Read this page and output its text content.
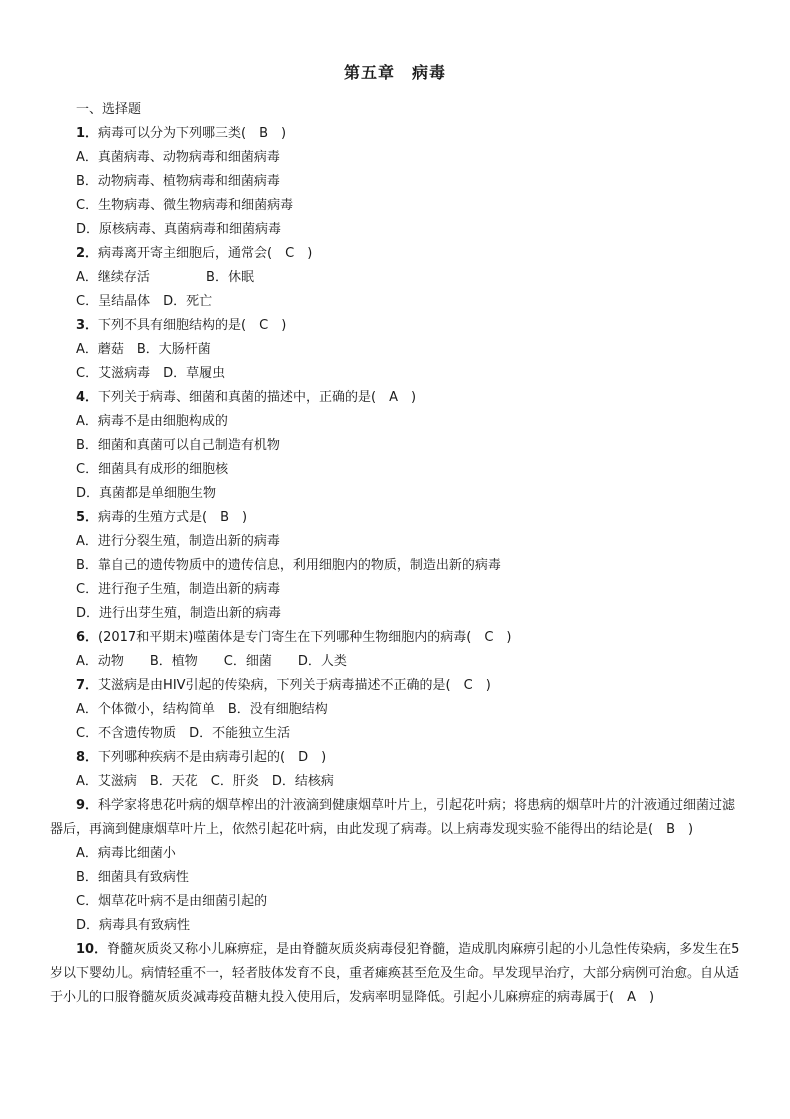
第五章　病毒
一、选择题
1．病毒可以分为下列哪三类(　B　)
A．真菌病毒、动物病毒和细菌病毒
B．动物病毒、植物病毒和细菌病毒
C．生物病毒、微生物病毒和细菌病毒
D．原核病毒、真菌病毒和细菌病毒
2．病毒离开寄主细胞后，通常会(　C　)
A．继续存活　　　　 B．休眠
C．呈结晶体　D．死亡
3．下列不具有细胞结构的是(　C　)
A．蘑菇　B．大肠杆菌
C．艾滋病毒　D．草履虫
4．下列关于病毒、细菌和真菌的描述中，正确的是(　A　)
A．病毒不是由细胞构成的
B．细菌和真菌可以自己制造有机物
C．细菌具有成形的细胞核
D．真菌都是单细胞生物
5．病毒的生殖方式是(　B　)
A．进行分裂生殖，制造出新的病毒
B．靠自己的遗传物质中的遗传信息，利用细胞内的物质，制造出新的病毒
C．进行孢子生殖，制造出新的病毒
D．进行出芽生殖，制造出新的病毒
6．(2017和平期末)噬菌体是专门寄生在下列哪种生物细胞内的病毒(　C　)
A．动物　　B．植物　　C．细菌　　D．人类
7．艾滋病是由HIV引起的传染病，下列关于病毒描述不正确的是(　C　)
A．个体微小，结构简单　B．没有细胞结构
C．不含遗传物质　D．不能独立生活
8．下列哪种疾病不是由病毒引起的(　D　)
A．艾滋病　B．天花　C．肝炎　D．结核病
9．科学家将患花叶病的烟草榨出的汁液滴到健康烟草叶片上，引起花叶病；将患病的烟草叶片的汁液通过细菌过滤器后，再滴到健康烟草叶片上，依然引起花叶病，由此发现了病毒。以上病毒发现实验不能得出的结论是(　B　)
A．病毒比细菌小
B．细菌具有致病性
C．烟草花叶病不是由细菌引起的
D．病毒具有致病性
10．脊髓灰质炎又称小儿麻痹症，是由脊髓灰质炎病毒侵犯脊髓，造成肌肉麻痹引起的小儿急性传染病，多发生在5岁以下婴幼儿。病情轻重不一，轻者肢体发育不良，重者瘫痪甚至危及生命。早发现早治疗，大部分病例可治愈。自从适于小儿的口服脊髓灰质炎减毒疫苗糖丸投入使用后，发病率明显降低。引起小儿麻痹症的病毒属于(　A　)
